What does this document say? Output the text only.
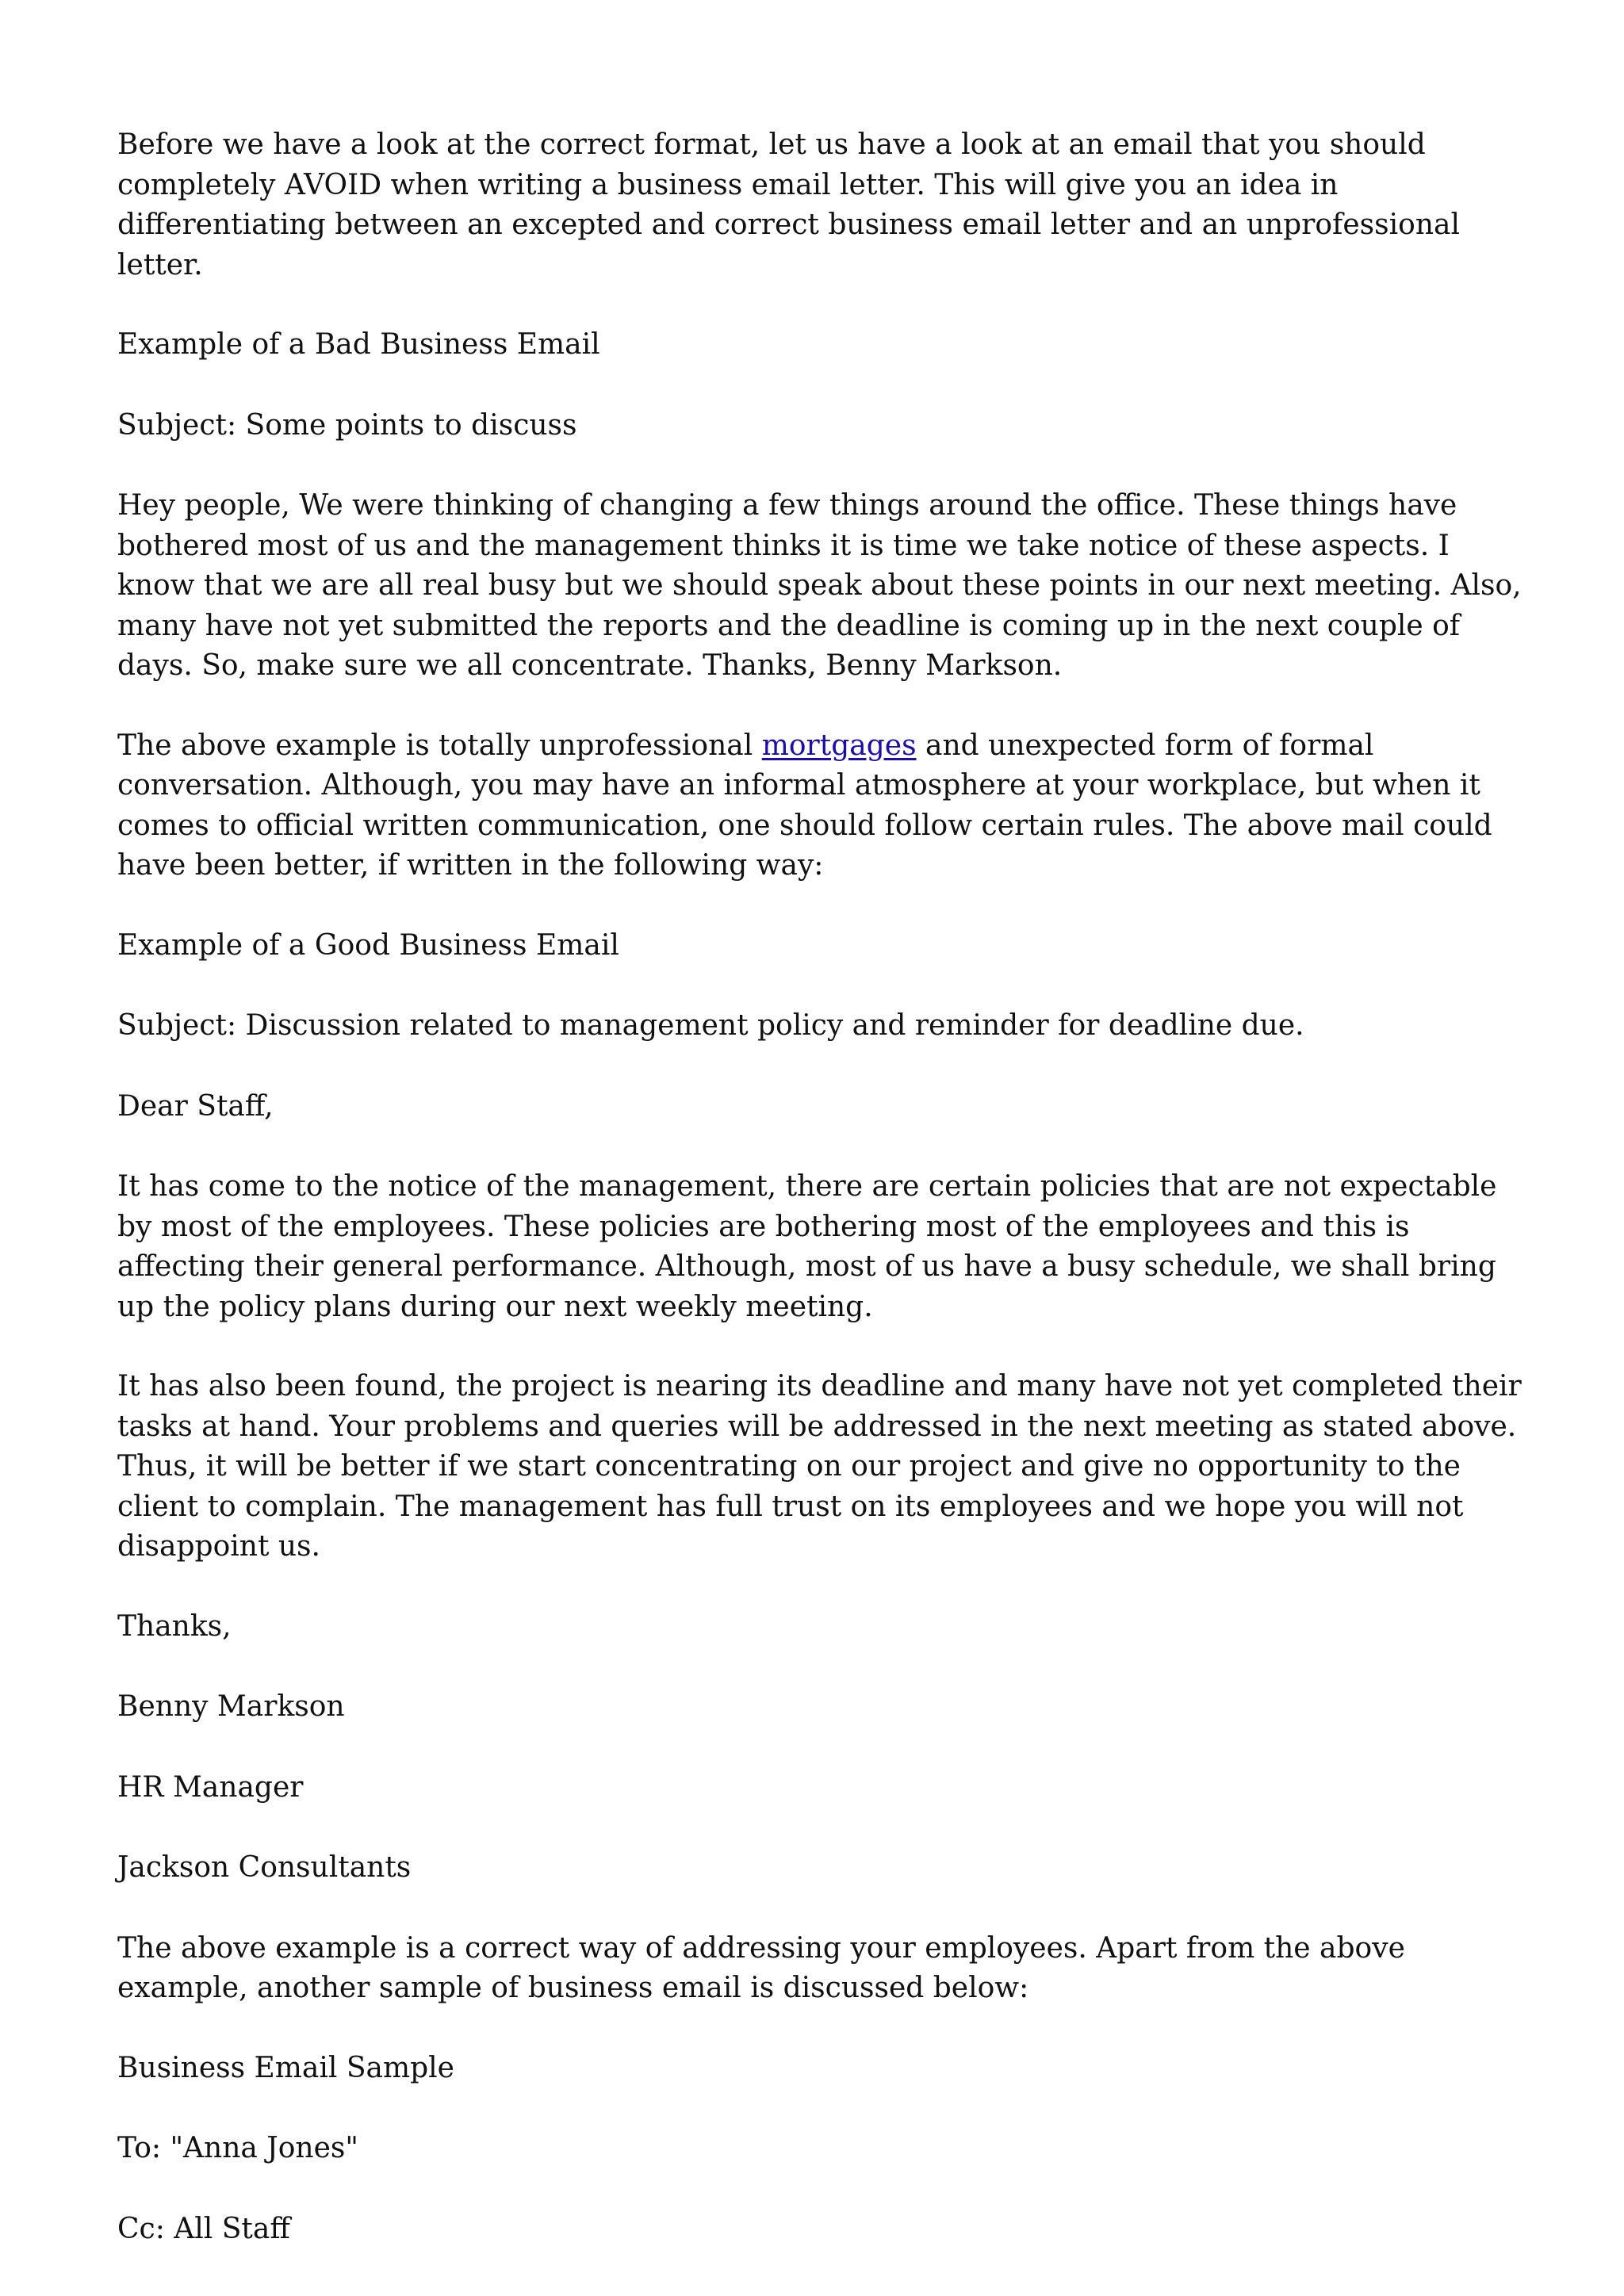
Before we have a look at the correct format, let us have a look at an email that you should completely AVOID when writing a business email letter. This will give you an idea in differentiating between an excepted and correct business email letter and an unprofessional letter.

Example of a Bad Business Email

Subject: Some points to discuss

Hey people, We were thinking of changing a few things around the office. These things have bothered most of us and the management thinks it is time we take notice of these aspects. I know that we are all real busy but we should speak about these points in our next meeting. Also, many have not yet submitted the reports and the deadline is coming up in the next couple of days. So, make sure we all concentrate. Thanks, Benny Markson.

The above example is totally unprofessional mortgages and unexpected form of formal conversation. Although, you may have an informal atmosphere at your workplace, but when it comes to official written communication, one should follow certain rules. The above mail could have been better, if written in the following way:

Example of a Good Business Email

Subject: Discussion related to management policy and reminder for deadline due.

Dear Staff,

It has come to the notice of the management, there are certain policies that are not expectable by most of the employees. These policies are bothering most of the employees and this is affecting their general performance. Although, most of us have a busy schedule, we shall bring up the policy plans during our next weekly meeting.

It has also been found, the project is nearing its deadline and many have not yet completed their tasks at hand. Your problems and queries will be addressed in the next meeting as stated above. Thus, it will be better if we start concentrating on our project and give no opportunity to the client to complain. The management has full trust on its employees and we hope you will not disappoint us.

Thanks,

Benny Markson

HR Manager

Jackson Consultants

The above example is a correct way of addressing your employees. Apart from the above example, another sample of business email is discussed below:

Business Email Sample

To: "Anna Jones"

Cc: All Staff
